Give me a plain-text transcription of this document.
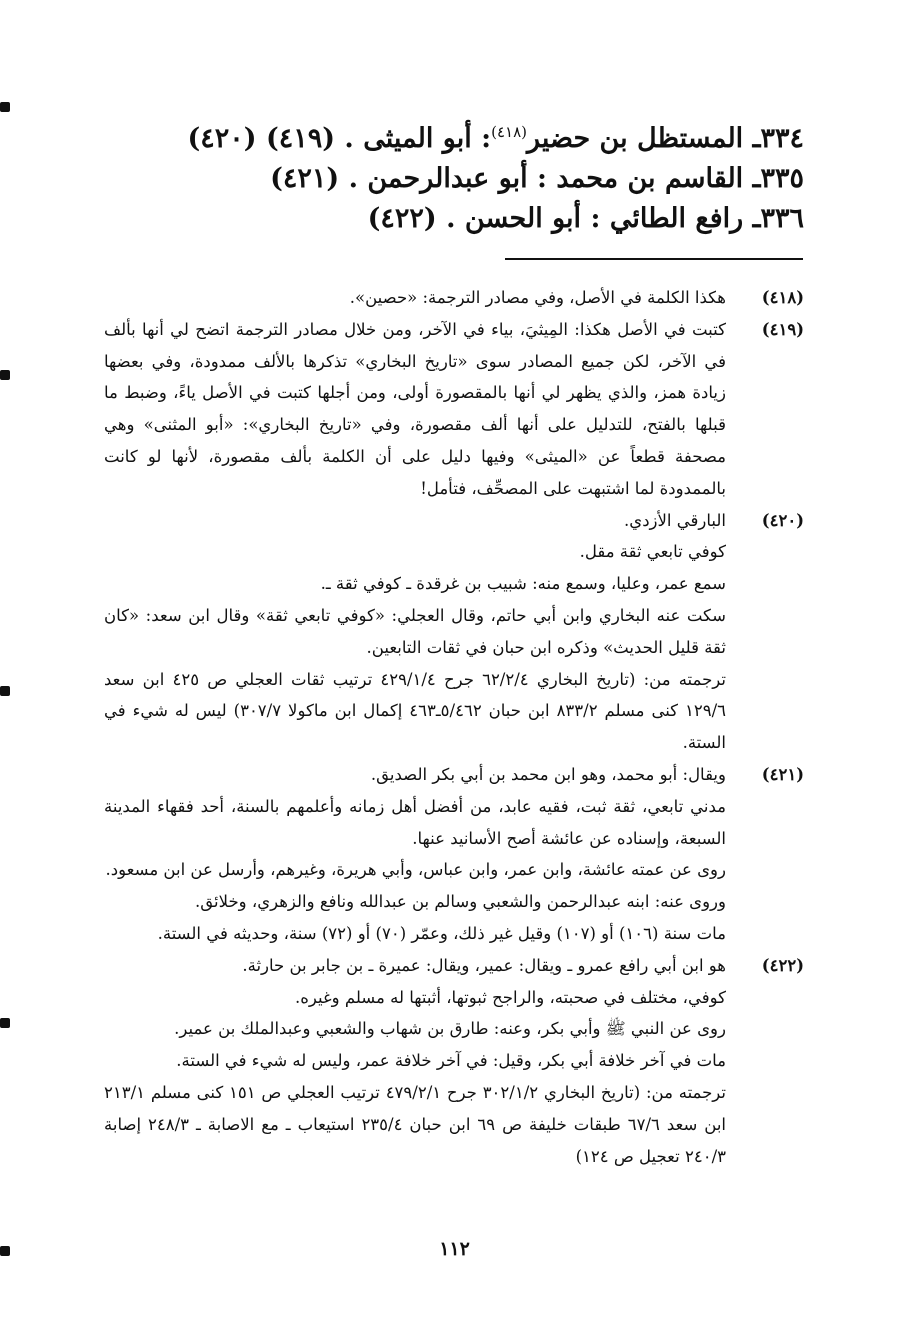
٣٣٤ـ المستظل بن حضير$^{(٤١٨)}$: أبو الميثى . (٤١٩) (٤٢٠)
٣٣٥ـ القاسم بن محمد : أبو عبدالرحمن . (٤٢١)
٣٣٦ـ رافع الطائي : أبو الحسن . (٤٢٢)
(٤١٨)

هكذا الكلمة في الأصل، وفي مصادر الترجمة: «حصين».

(٤١٩)

كتبت في الأصل هكذا: المِيثيَ، بياء في الآخر، ومن خلال مصادر الترجمة اتضح لي أنها بألف في الآخر، لكن جميع المصادر سوى «تاريخ البخاري» تذكرها بالألف ممدودة، وفي بعضها زيادة همز، والذي يظهر لي أنها بالمقصورة أولى، ومن أجلها كتبت في الأصل ياءً، وضبط ما قبلها بالفتح، للتدليل على أنها ألف مقصورة، وفي «تاريخ البخاري»: «أبو المثنى» وهي مصحفة قطعاً عن «الميثى» وفيها دليل على أن الكلمة بألف مقصورة، لأنها لو كانت بالممدودة لما اشتبهت على المصحِّف، فتأمل!

(٤٢٠)

البارقي الأزدي.

كوفي تابعي ثقة مقل.

سمع عمر، وعليا، وسمع منه: شبيب بن غرقدة ـ كوفي ثقة ـ.

سكت عنه البخاري وابن أبي حاتم، وقال العجلي: «كوفي تابعي ثقة» وقال ابن سعد: «كان ثقة قليل الحديث» وذكره ابن حبان في ثقات التابعين.

ترجمته من: (تاريخ البخاري ٦٢/٢/٤ جرح ٤٢٩/١/٤ ترتيب ثقات العجلي ص ٤٢٥ ابن سعد ١٢٩/٦ كنى مسلم ٨٣٣/٢ ابن حبان ٥/٤٦٢ـ٤٦٣ إكمال ابن ماكولا ٣٠٧/٧) ليس له شيء في الستة.

(٤٢١)

ويقال: أبو محمد، وهو ابن محمد بن أبي بكر الصديق.

مدني تابعي، ثقة ثبت، فقيه عابد، من أفضل أهل زمانه وأعلمهم بالسنة، أحد فقهاء المدينة السبعة، وإسناده عن عائشة أصح الأسانيد عنها.

روى عن عمته عائشة، وابن عمر، وابن عباس، وأبي هريرة، وغيرهم، وأرسل عن ابن مسعود.

وروى عنه: ابنه عبدالرحمن والشعبي وسالم بن عبدالله ونافع والزهري، وخلائق.

مات سنة (١٠٦) أو (١٠٧) وقيل غير ذلك، وعمّر (٧٠) أو (٧٢) سنة، وحديثه في الستة.

(٤٢٢)

هو ابن أبي رافع عمرو ـ ويقال: عمير، ويقال: عميرة ـ بن جابر بن حارثة.

كوفي، مختلف في صحبته، والراجح ثبوتها، أثبتها له مسلم وغيره.

روى عن النبي ﷺ وأبي بكر، وعنه: طارق بن شهاب والشعبي وعبدالملك بن عمير.

مات في آخر خلافة أبي بكر، وقيل: في آخر خلافة عمر، وليس له شيء في الستة.

ترجمته من: (تاريخ البخاري ٣٠٢/١/٢ جرح ٤٧٩/٢/١ ترتيب العجلي ص ١٥١ كنى مسلم ٢١٣/١ ابن سعد ٦٧/٦ طبقات خليفة ص ٦٩ ابن حبان ٢٣٥/٤ استيعاب ـ مع الاصابة ـ ٢٤٨/٣ إصابة ٢٤٠/٣ تعجيل ص ١٢٤)

١١٢
